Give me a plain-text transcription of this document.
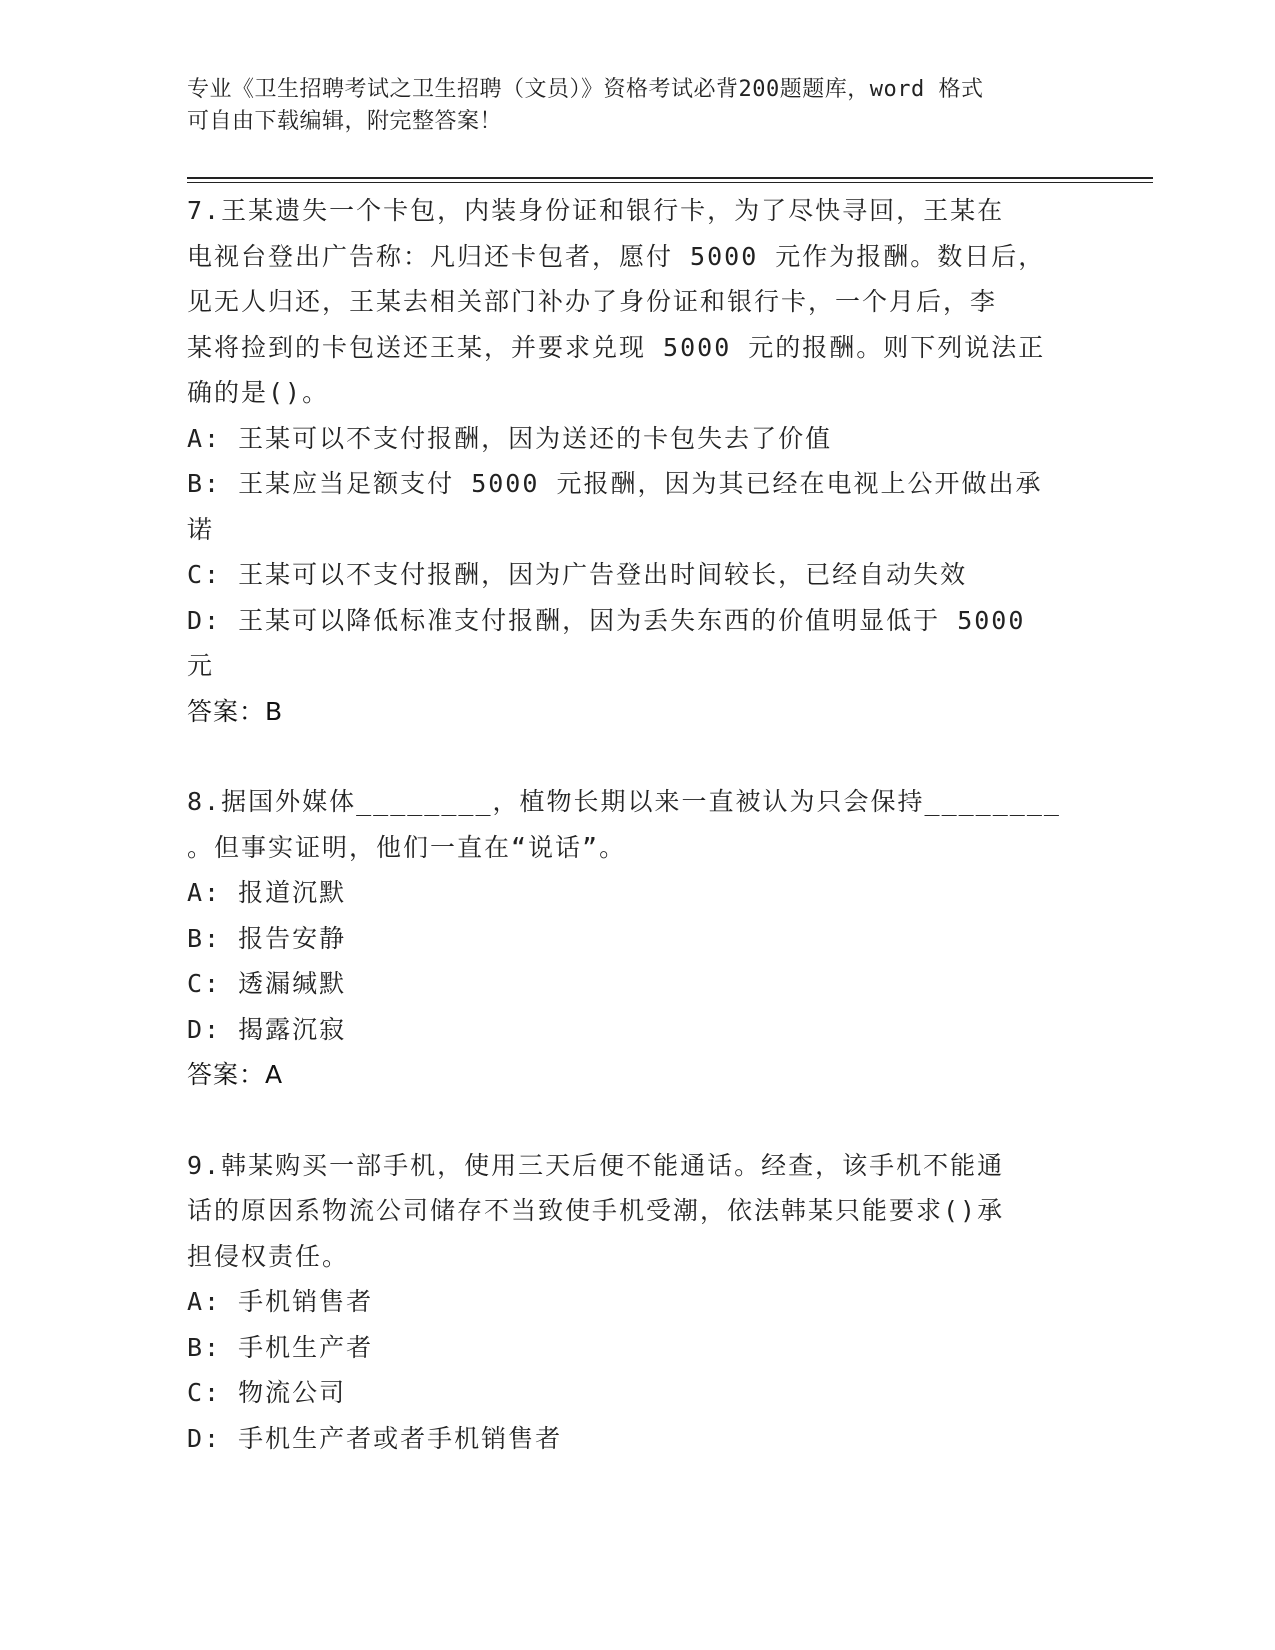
专业《卫生招聘考试之卫生招聘（文员）》资格考试必背200题题库，word 格式
可自由下载编辑，附完整答案！

7.王某遗失一个卡包，内装身份证和银行卡，为了尽快寻回，王某在

电视台登出广告称：凡归还卡包者，愿付 5000 元作为报酬。数日后，

见无人归还，王某去相关部门补办了身份证和银行卡，一个月后，李

某将捡到的卡包送还王某，并要求兑现 5000 元的报酬。则下列说法正

确的是()。

A: 王某可以不支付报酬，因为送还的卡包失去了价值

B: 王某应当足额支付 5000 元报酬，因为其已经在电视上公开做出承

诺

C: 王某可以不支付报酬，因为广告登出时间较长，已经自动失效

D: 王某可以降低标准支付报酬，因为丢失东西的价值明显低于 5000

元

答案：B

8.据国外媒体________，植物长期以来一直被认为只会保持________

。但事实证明，他们一直在“说话”。

A: 报道沉默

B: 报告安静

C: 透漏缄默

D: 揭露沉寂

答案：A

9.韩某购买一部手机，使用三天后便不能通话。经查，该手机不能通

话的原因系物流公司储存不当致使手机受潮，依法韩某只能要求()承

担侵权责任。

A: 手机销售者

B: 手机生产者

C: 物流公司

D: 手机生产者或者手机销售者
